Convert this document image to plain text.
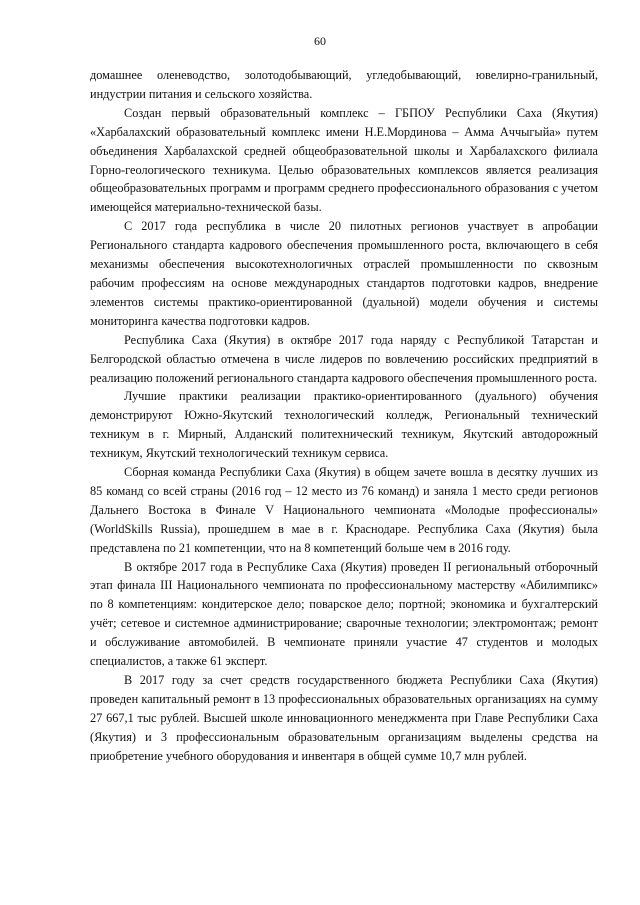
60

домашнее оленеводство, золотодобывающий, угледобывающий, ювелирно-гранильный, индустрии питания и сельского хозяйства.

Создан первый образовательный комплекс – ГБПОУ Республики Саха (Якутия) «Харбалахский образовательный комплекс имени Н.Е.Мординова – Амма Аччыгыйа» путем объединения Харбалахской средней общеобразовательной школы и Харбалахского филиала Горно-геологического техникума. Целью образовательных комплексов является реализация общеобразовательных программ и программ среднего профессионального образования с учетом имеющейся материально-технической базы.

С 2017 года республика в числе 20 пилотных регионов участвует в апробации Регионального стандарта кадрового обеспечения промышленного роста, включающего в себя механизмы обеспечения высокотехнологичных отраслей промышленности по сквозным рабочим профессиям на основе международных стандартов подготовки кадров, внедрение элементов системы практико-ориентированной (дуальной) модели обучения и системы мониторинга качества подготовки кадров.

Республика Саха (Якутия) в октябре 2017 года наряду с Республикой Татарстан и Белгородской областью отмечена в числе лидеров по вовлечению российских предприятий в реализацию положений регионального стандарта кадрового обеспечения промышленного роста.

Лучшие практики реализации практико-ориентированного (дуального) обучения демонстрируют Южно-Якутский технологический колледж, Региональный технический техникум в г. Мирный, Алданский политехнический техникум, Якутский автодорожный техникум, Якутский технологический техникум сервиса.

Сборная команда Республики Саха (Якутия) в общем зачете вошла в десятку лучших из 85 команд со всей страны (2016 год – 12 место из 76 команд) и заняла 1 место среди регионов Дальнего Востока в Финале V Национального чемпионата «Молодые профессионалы» (WorldSkills Russia), прошедшем в мае в г. Краснодаре. Республика Саха (Якутия) была представлена по 21 компетенции, что на 8 компетенций больше чем в 2016 году.

В октябре 2017 года в Республике Саха (Якутия) проведен II региональный отборочный этап финала III Национального чемпионата по профессиональному мастерству «Абилимпикс» по 8 компетенциям: кондитерское дело; поварское дело; портной; экономика и бухгалтерский учёт; сетевое и системное администрирование; сварочные технологии; электромонтаж; ремонт и обслуживание автомобилей. В чемпионате приняли участие 47 студентов и молодых специалистов, а также 61 эксперт.

В 2017 году за счет средств государственного бюджета Республики Саха (Якутия) проведен капитальный ремонт в 13 профессиональных образовательных организациях на сумму 27 667,1 тыс рублей. Высшей школе инновационного менеджмента при Главе Республики Саха (Якутия) и 3 профессиональным образовательным организациям выделены средства на приобретение учебного оборудования и инвентаря в общей сумме 10,7 млн рублей.
